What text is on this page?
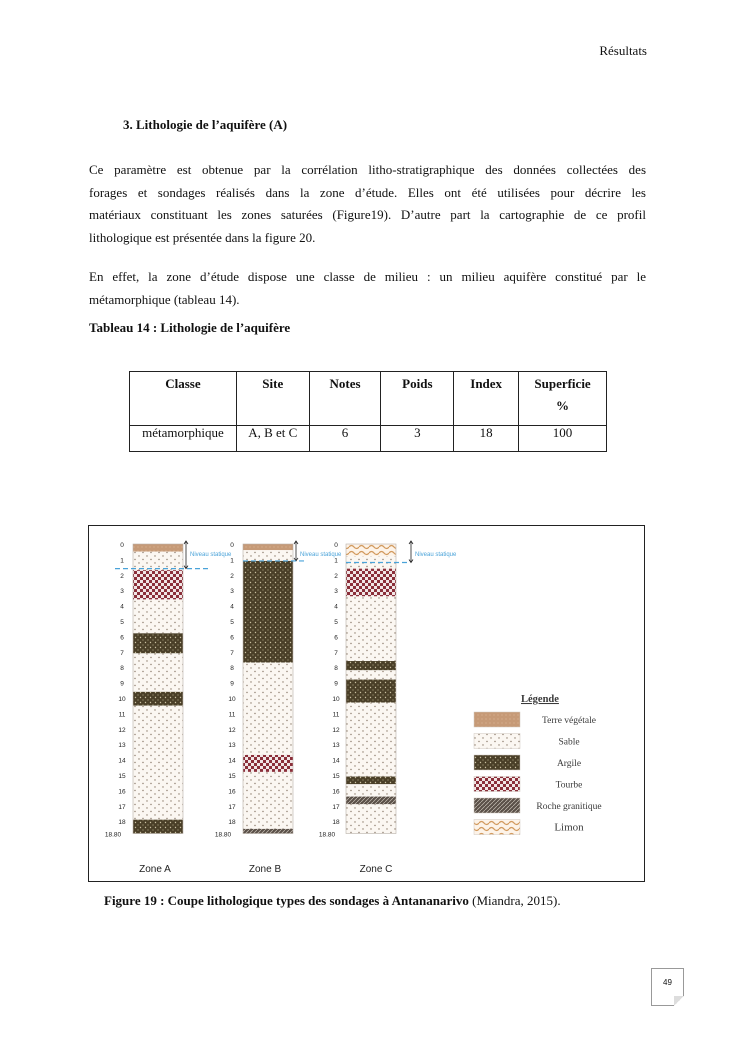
Résultats
3. Lithologie de l’aquifère (A)
Ce paramètre est obtenue par la corrélation litho-stratigraphique des données collectées des
forages et sondages réalisés dans la zone d’étude. Elles ont été utilisées pour décrire les
matériaux constituant les zones saturées (Figure19). D’autre part la cartographie de ce profil
lithologique est présentée dans la figure 20.
En effet, la zone d’étude dispose une classe de milieu : un milieu aquifère constitué par le
métamorphique (tableau 14).
Tableau 14 : Lithologie de l’aquifère
Classe	Site	Notes	Poids	Index	Superficie
%
métamorphique	A, B et C	6	3	18	100
0
1
2
3
4
5
6
7
8
9
10
11
12
13
14
15
16
17
18
18.80
Zone A
0
1
2
3
4
5
6
7
8
9
10
11
12
13
14
15
16
17
18
18.80
Zone B
0
1
2
3
4
5
6
7
8
9
10
11
12
13
14
15
16
17
18
18.80
Zone C
Niveau statique	Niveau statique	Niveau statique
Légende
Terre végétale
Sable
Argile
Tourbe
Roche granitique
Limon
Figure 19 : Coupe lithologique types des sondages à Antananarivo (Miandra, 2015).
49
